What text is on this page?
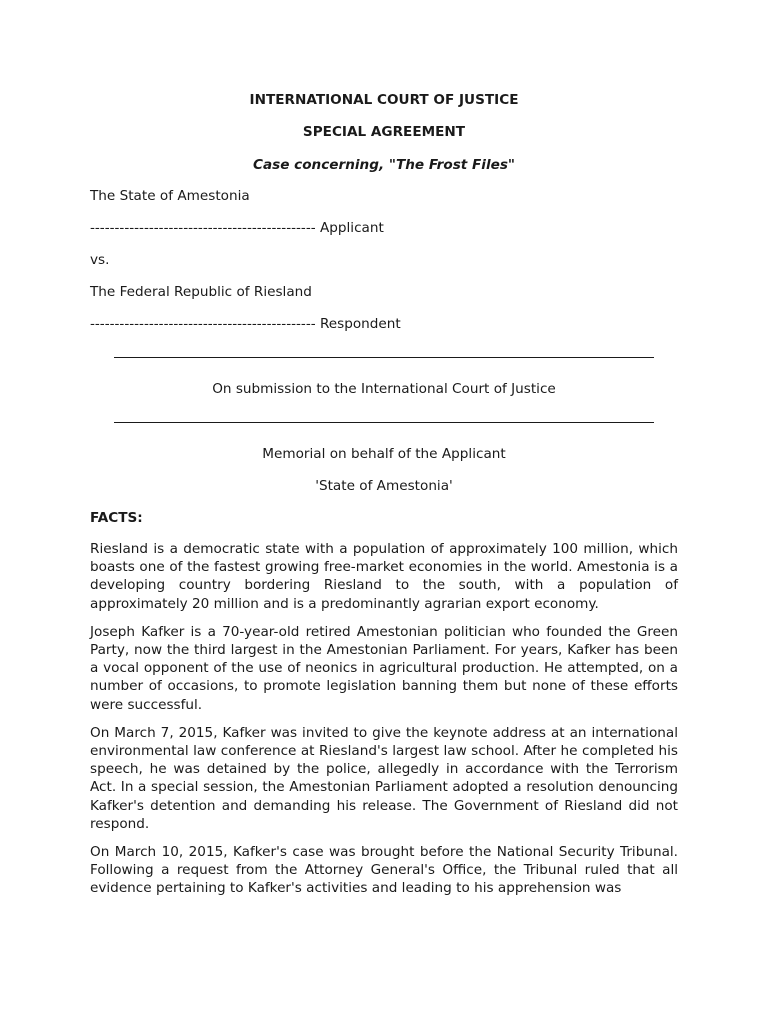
INTERNATIONAL COURT OF JUSTICE
SPECIAL AGREEMENT
Case concerning, "The Frost Files"
The State of Amestonia
---------------------------------------------- Applicant
vs.
The Federal Republic of Riesland
---------------------------------------------- Respondent
On submission to the International Court of Justice
Memorial on behalf of the Applicant
'State of Amestonia'
FACTS:

Riesland is a democratic state with a population of approximately 100 million, which boasts one of the fastest growing free-market economies in the world. Amestonia is a developing country bordering Riesland to the south, with a population of approximately 20 million and is a predominantly agrarian export economy.

Joseph Kafker is a 70-year-old retired Amestonian politician who founded the Green Party, now the third largest in the Amestonian Parliament. For years, Kafker has been a vocal opponent of the use of neonics in agricultural production. He attempted, on a number of occasions, to promote legislation banning them but none of these efforts were successful.

On March 7, 2015, Kafker was invited to give the keynote address at an international environmental law conference at Riesland's largest law school. After he completed his speech, he was detained by the police, allegedly in accordance with the Terrorism Act. In a special session, the Amestonian Parliament adopted a resolution denouncing Kafker's detention and demanding his release. The Government of Riesland did not respond.

On March 10, 2015, Kafker's case was brought before the National Security Tribunal. Following a request from the Attorney General's Office, the Tribunal ruled that all evidence pertaining to Kafker's activities and leading to his apprehension was
